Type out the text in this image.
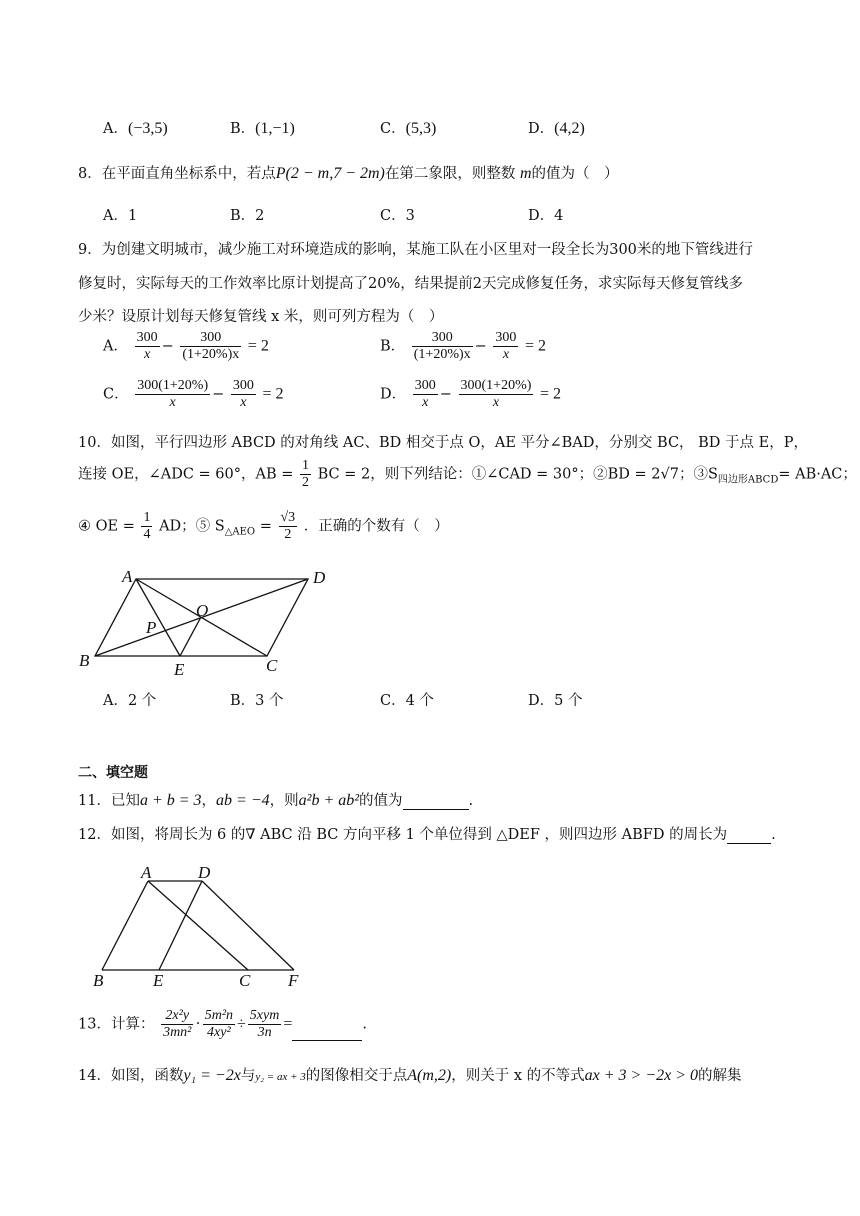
A．(−3,5)	B．(1,−1)	C．(5,3)	D．(4,2)
8．在平面直角坐标系中，若点P(2 − m,7 − 2m)在第二象限，则整数 m的值为（　）
A．1	B．2	C．3	D．4
9．为创建文明城市，减少施工对环境造成的影响，某施工队在小区里对一段全长为300米的地下管线进行
修复时，实际每天的工作效率比原计划提高了20%，结果提前2天完成修复任务，求实际每天修复管线多
少米？设原计划每天修复管线 x 米，则可列方程为（　）
A． $\frac{300}{x} - \frac{300}{(1+20\%)x} = 2$	B． $\frac{300}{(1+20\%)x} - \frac{300}{x} = 2$
C． $\frac{300(1+20\%)}{x} - \frac{300}{x} = 2$	D． $\frac{300}{x} - \frac{300(1+20\%)}{x} = 2$
10．如图，平行四边形 ABCD 的对角线 AC、BD 相交于点 O，AE 平分∠BAD，分别交 BC， BD 于点 E，P，
连接 OE，∠ADC = 60°，AB = $\frac{1}{2}$ BC = 2，则下列结论：①∠CAD = 30°；②BD = 2√7；$③S_{四边形ABCD}= AB\cdot AC$；
④ OE = $\frac{1}{4}$ AD；⑤ $S_{\triangle AEO} = \frac{√3}{2}$ ．正确的个数有（　）
A	D
O
P
B	E	C
A．2 个	B．3 个	C．4 个	D．5 个
二、填空题
11．已知a + b = 3，ab = −4，则a²b + ab²的值为	.
12．如图，将周长为 6 的∇ ABC 沿 BC 方向平移 1 个单位得到 △DEF ，则四边形 ABFD 的周长为	.
A	D
B	E	C F
13．计算： $\frac{\text{2x²y}}{\text{3mn²}} \cdot \frac{\text{5m²n}}{\text{4xy²}} \div \frac{\text{5xym}}{3n}$ =	.
14．如图，函数y₁ = −2x与y₂ = ax + 3的图像相交于点A(m,2)，则关于 x 的不等式ax + 3 > −2x > 0的解集
